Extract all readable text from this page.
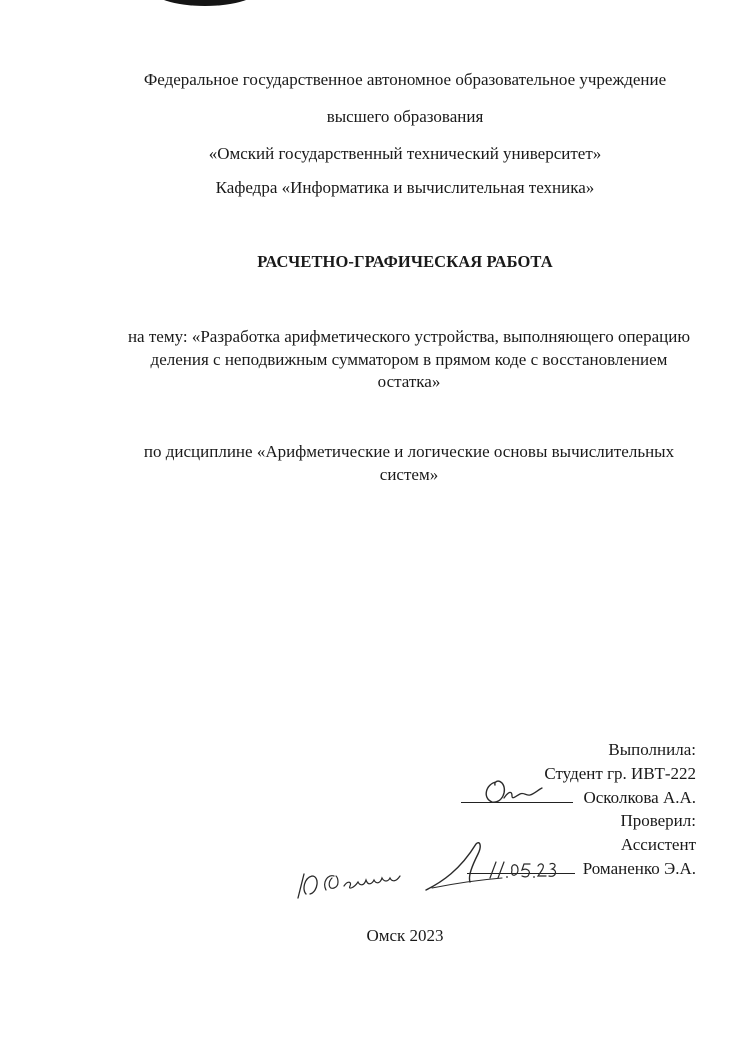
Федеральное государственное автономное образовательное учреждение
высшего образования
«Омский государственный технический университет»
Кафедра «Информатика и вычислительная техника»
РАСЧЕТНО-ГРАФИЧЕСКАЯ РАБОТА
на тему: «Разработка арифметического устройства, выполняющего операцию
деления с неподвижным сумматором в прямом коде с восстановлением
остатка»
по дисциплине «Арифметические и логические основы вычислительных
систем»
Выполнила:
Студент гр. ИВТ-222
Осколкова А.А.
Проверил:
Ассистент
Романенко Э.А.
Омск 2023
